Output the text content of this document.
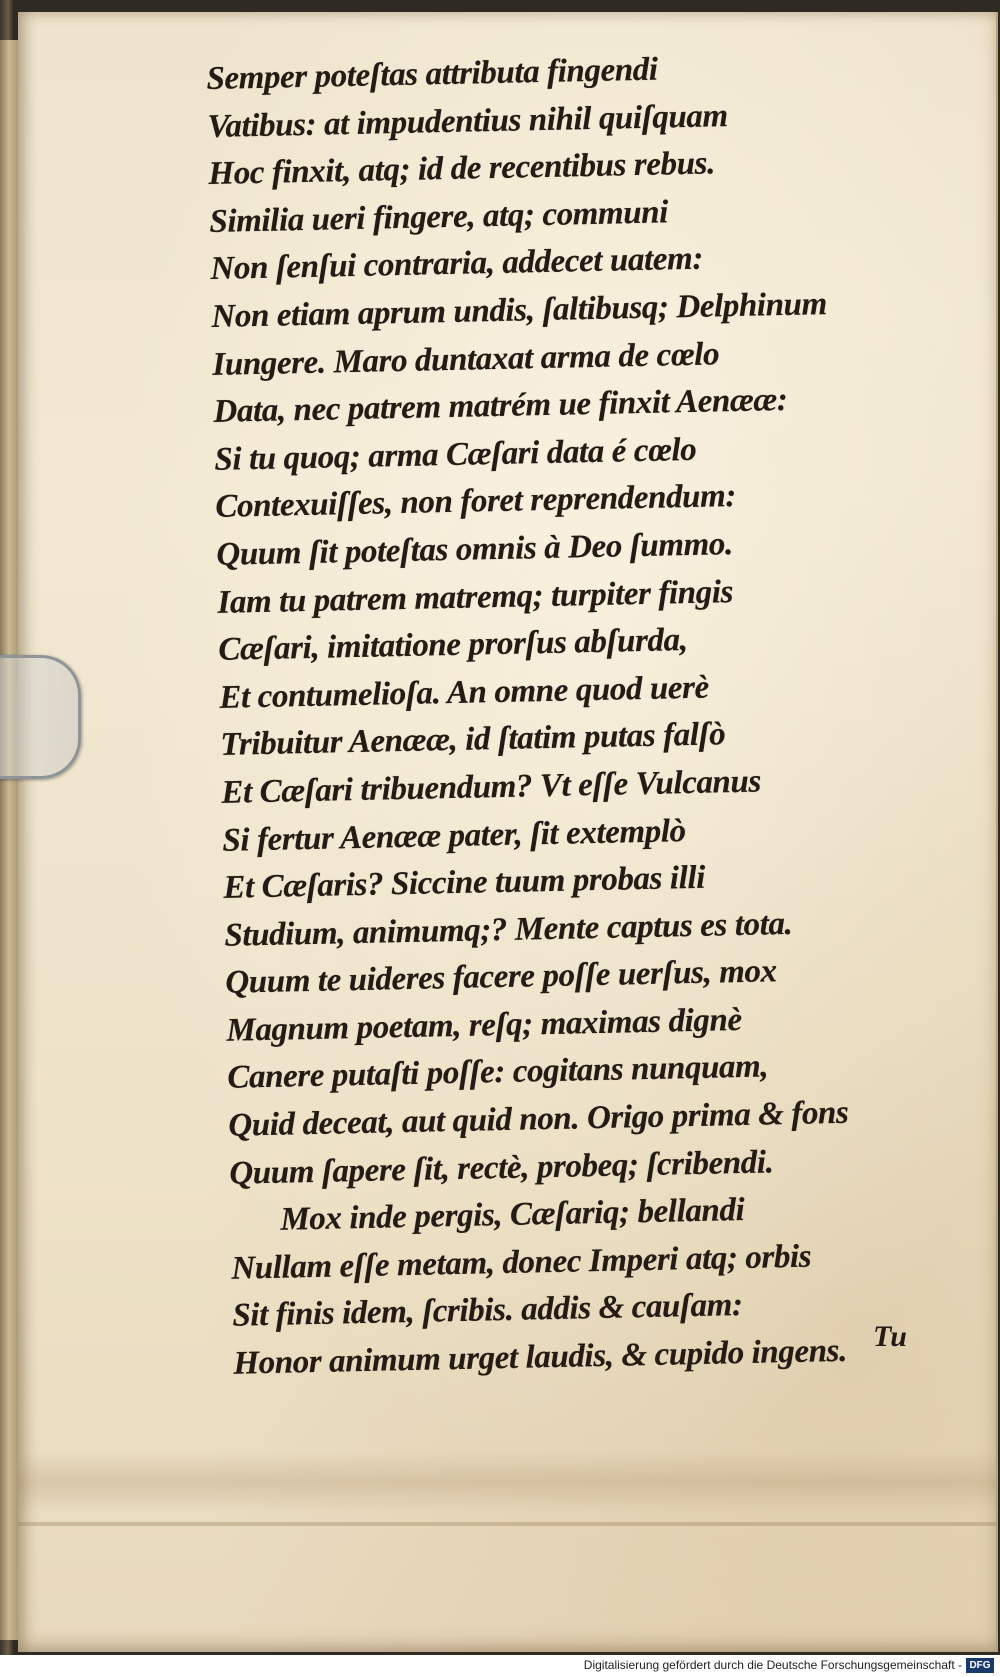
Semper poteſtas attributa fingendi
Vatibus: at impudentius nihil quiſquam
Hoc finxit, atq; id de recentibus rebus.
Similia ueri fingere, atq; communi
Non ſenſui contraria, addecet uatem:
Non etiam aprum undis, ſaltibusq; Delphinum
Iungere. Maro duntaxat arma de cœlo
Data, nec patrem matrém ue finxit Aenææ:
Si tu quoq; arma Cæſari data é cœlo
Contexuiſſes, non foret reprendendum:
Quum ſit poteſtas omnis à Deo ſummo.
Iam tu patrem matremq; turpiter fingis
Cæſari, imitatione prorſus abſurda,
Et contumelioſa. An omne quod uerè
Tribuitur Aenææ, id ſtatim putas falſò
Et Cæſari tribuendum? Vt eſſe Vulcanus
Si fertur Aenææ pater, ſit extemplò
Et Cæſaris? Siccine tuum probas illi
Studium, animumq;? Mente captus es tota.
Quum te uideres facere poſſe uerſus, mox
Magnum poetam, reſq; maximas dignè
Canere putaſti poſſe: cogitans nunquam,
Quid deceat, aut quid non. Origo prima & fons
Quum ſapere ſit, rectè, probeq; ſcribendi.
Mox inde pergis, Cæſariq; bellandi
Nullam eſſe metam, donec Imperi atq; orbis
Sit finis idem, ſcribis. addis & cauſam:
Honor animum urget laudis, & cupido ingens. Tu
Digitalisierung gefördert durch die Deutsche Forschungsgemeinschaft - DFG
